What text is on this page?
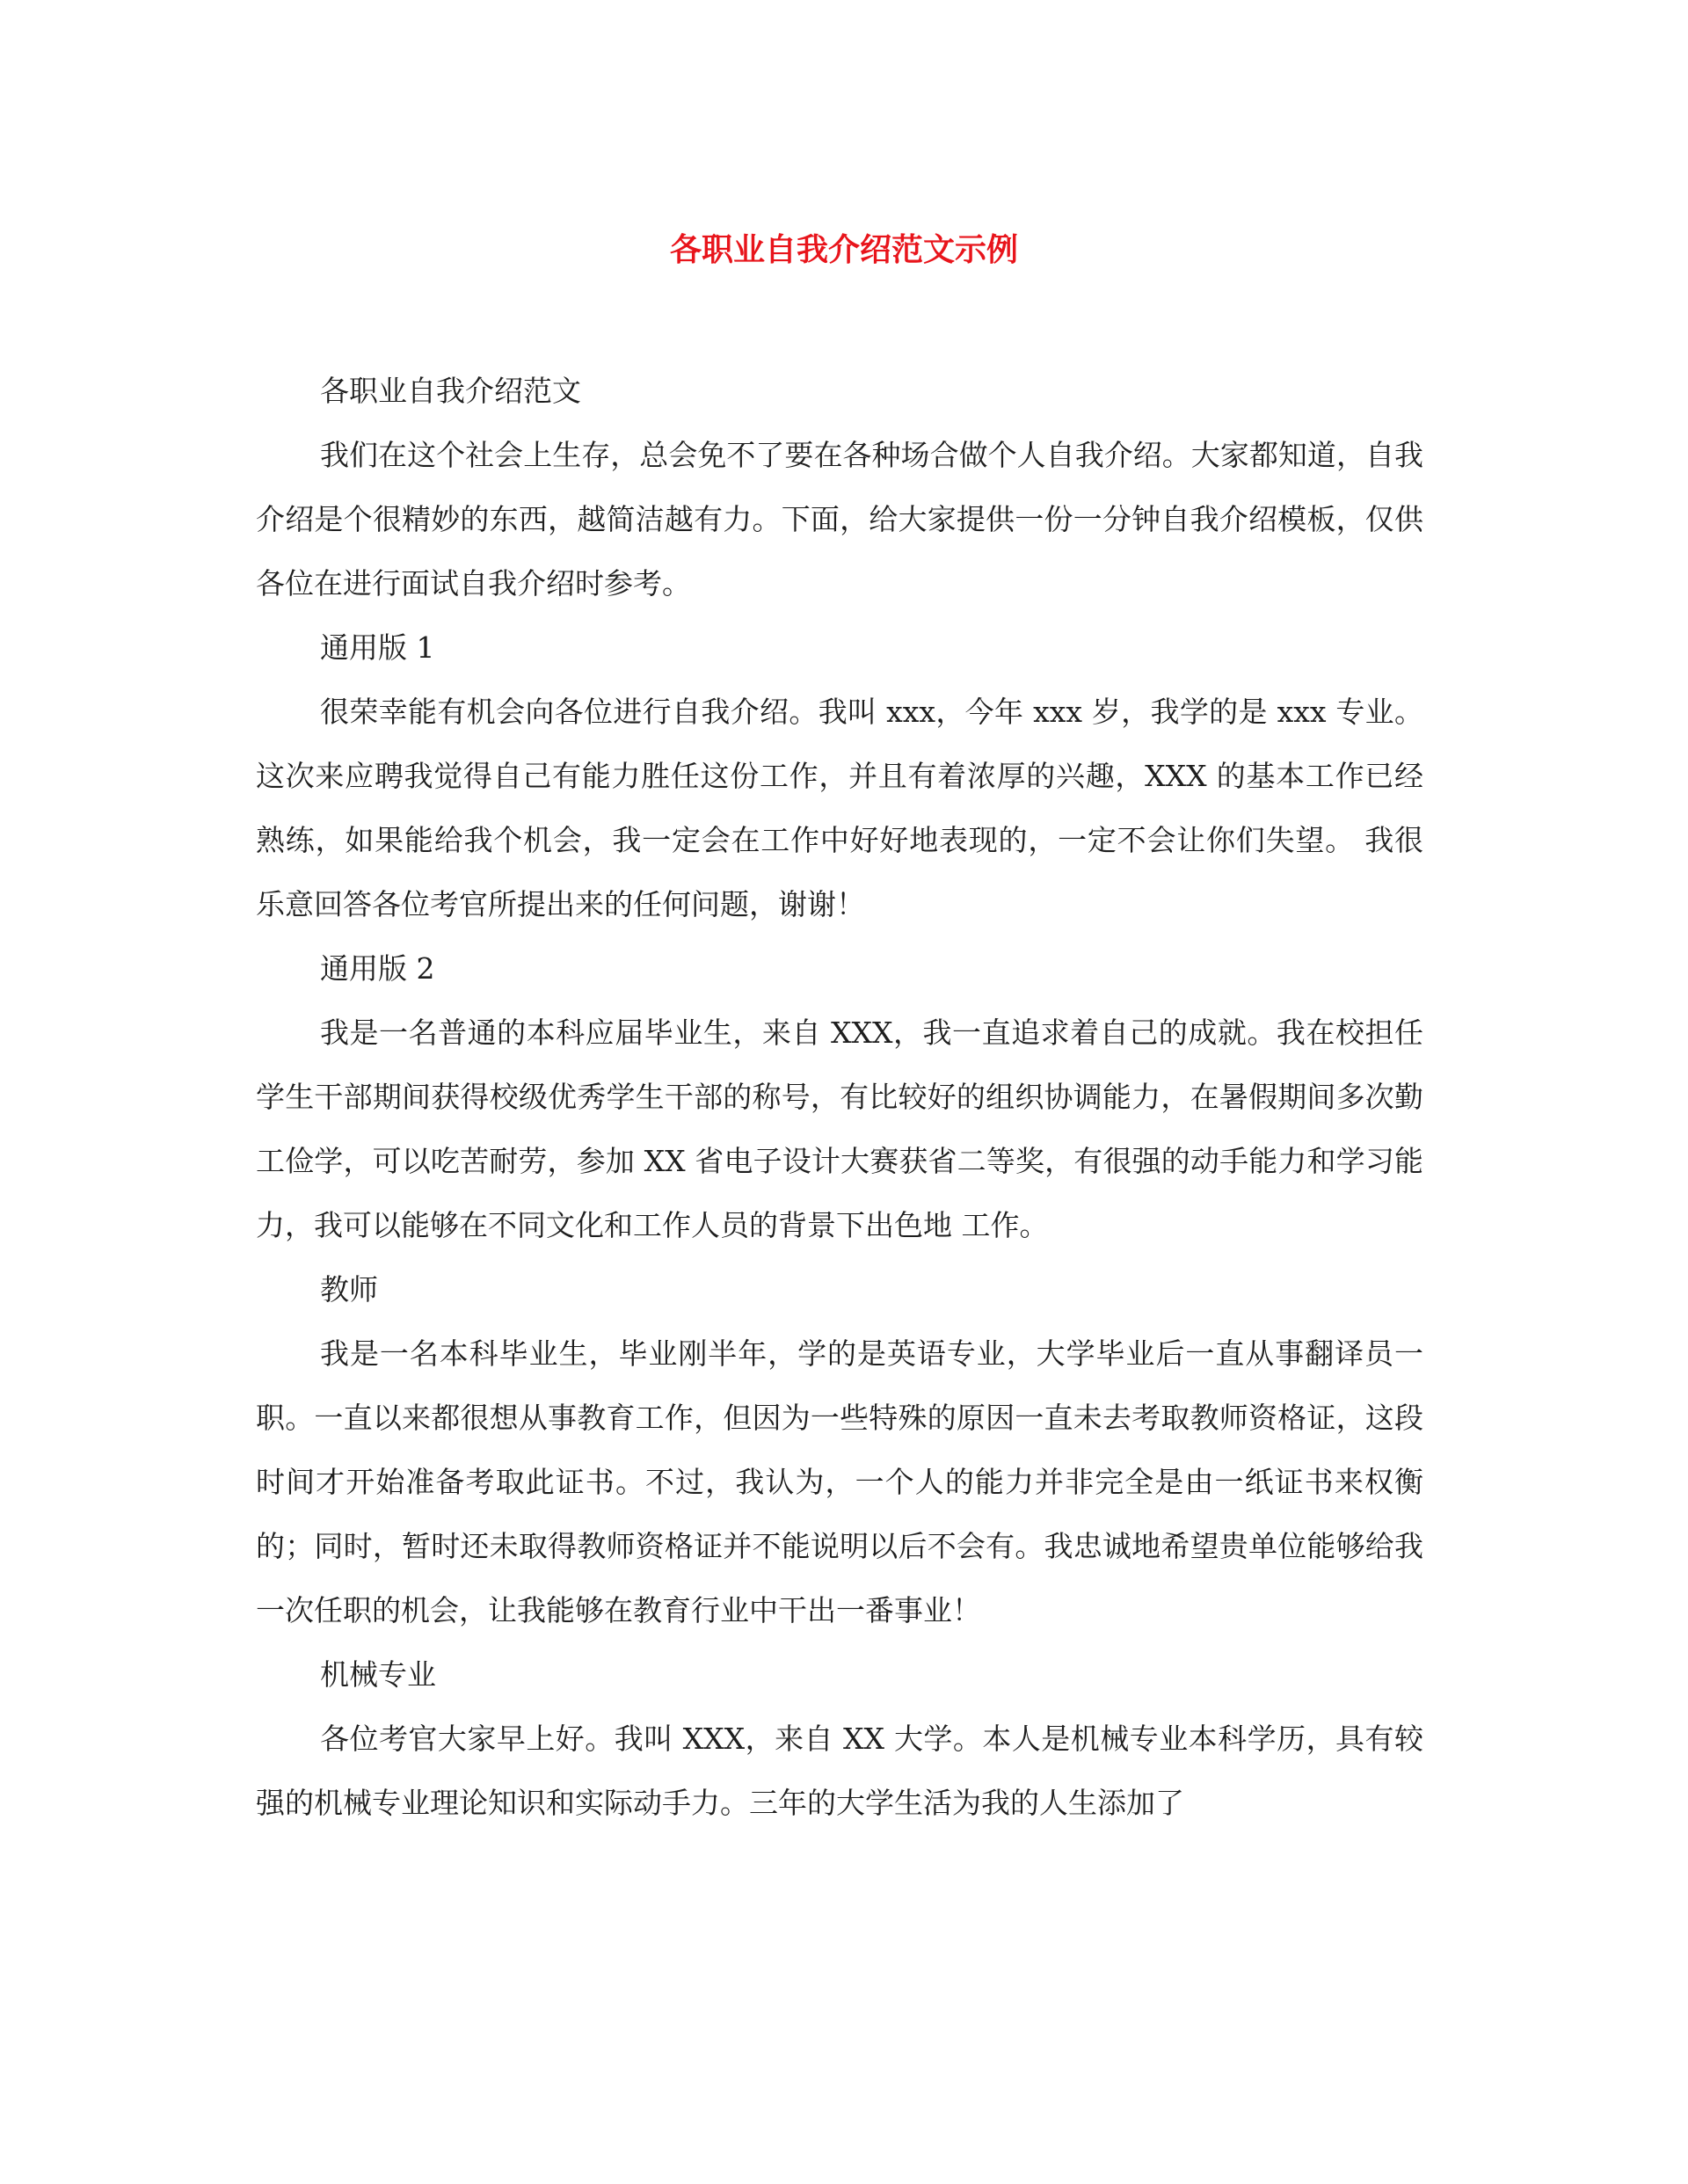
各职业自我介绍范文示例

各职业自我介绍范文

我们在这个社会上生存，总会免不了要在各种场合做个人自我介绍。大家都知道，自我介绍是个很精妙的东西，越简洁越有力。下面，给大家提供一份一分钟自我介绍模板，仅供各位在进行面试自我介绍时参考。

通用版 1

很荣幸能有机会向各位进行自我介绍。我叫 xxx，今年 xxx 岁，我学的是 xxx 专业。这次来应聘我觉得自己有能力胜任这份工作，并且有着浓厚的兴趣，XXX 的基本工作已经熟练，如果能给我个机会，我一定会在工作中好好地表现的，一定不会让你们失望。 我很乐意回答各位考官所提出来的任何问题，谢谢！

通用版 2

我是一名普通的本科应届毕业生，来自 XXX，我一直追求着自己的成就。我在校担任学生干部期间获得校级优秀学生干部的称号，有比较好的组织协调能力，在暑假期间多次勤工俭学，可以吃苦耐劳，参加 XX 省电子设计大赛获省二等奖，有很强的动手能力和学习能力，我可以能够在不同文化和工作人员的背景下出色地 工作。

教师

我是一名本科毕业生，毕业刚半年，学的是英语专业，大学毕业后一直从事翻译员一职。一直以来都很想从事教育工作，但因为一些特殊的原因一直未去考取教师资格证，这段时间才开始准备考取此证书。不过，我认为，一个人的能力并非完全是由一纸证书来权衡的；同时，暂时还未取得教师资格证并不能说明以后不会有。我忠诚地希望贵单位能够给我一次任职的机会，让我能够在教育行业中干出一番事业！

机械专业

各位考官大家早上好。我叫 XXX，来自 XX 大学。本人是机械专业本科学历，具有较强的机械专业理论知识和实际动手力。三年的大学生活为我的人生添加了
